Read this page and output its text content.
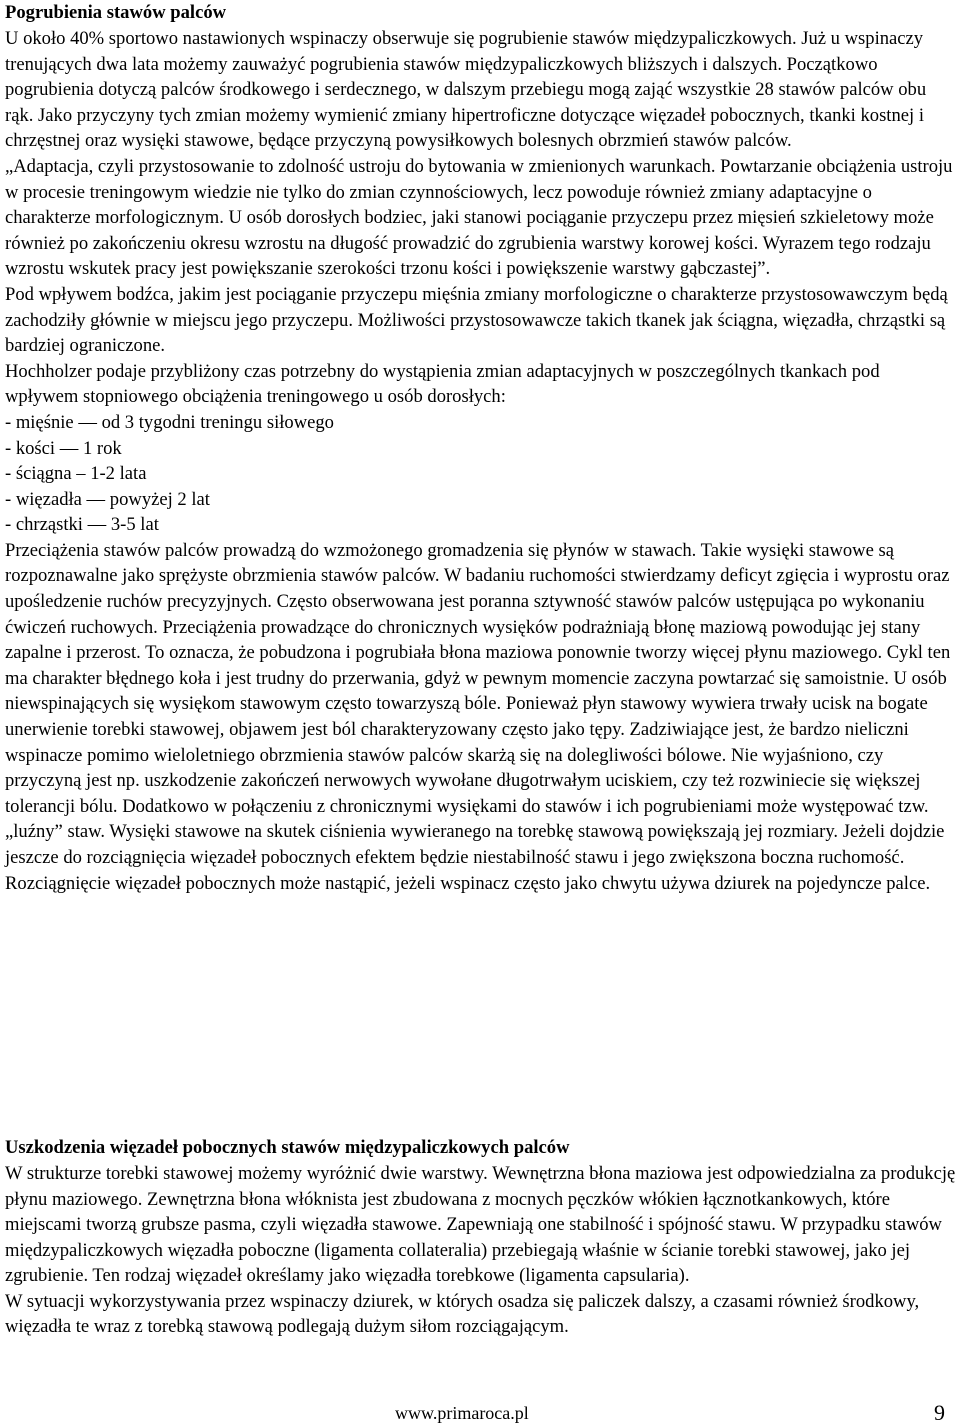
Pogrubienia stawów palców

U około 40% sportowo nastawionych wspinaczy obserwuje się pogrubienie stawów międzypaliczkowych. Już u wspinaczy trenujących dwa lata możemy zauważyć pogrubienia stawów międzypaliczkowych bliższych i dalszych. Początkowo pogrubienia dotyczą palców środkowego i serdecznego, w dalszym przebiegu mogą zająć wszystkie 28 stawów palców obu rąk. Jako przyczyny tych zmian możemy wymienić zmiany hipertroficzne dotyczące więzadeł pobocznych, tkanki kostnej i chrzęstnej oraz wysięki stawowe, będące przyczyną powysiłkowych bolesnych obrzmień stawów palców.

„Adaptacja, czyli przystosowanie to zdolność ustroju do bytowania w zmienionych warunkach. Powtarzanie obciążenia ustroju w procesie treningowym wiedzie nie tylko do zmian czynnościowych, lecz powoduje również zmiany adaptacyjne o charakterze morfologicznym. U osób dorosłych bodziec, jaki stanowi pociąganie przyczepu przez mięsień szkieletowy może również po zakończeniu okresu wzrostu na długość prowadzić do zgrubienia warstwy korowej kości. Wyrazem tego rodzaju wzrostu wskutek pracy jest powiększanie szerokości trzonu kości i powiększenie warstwy gąbczastej”.

Pod wpływem bodźca, jakim jest pociąganie przyczepu mięśnia zmiany morfologiczne o charakterze przystosowawczym będą zachodziły głównie w miejscu jego przyczepu. Możliwości przystosowawcze takich tkanek jak ściągna, więzadła, chrząstki są bardziej ograniczone.

Hochholzer podaje przybliżony czas potrzebny do wystąpienia zmian adaptacyjnych w poszczególnych tkankach pod wpływem stopniowego obciążenia treningowego u osób dorosłych:

- mięśnie — od 3 tygodni treningu siłowego
- kości — 1 rok
- ściągna – 1-2 lata
- więzadła — powyżej 2 lat
- chrząstki — 3-5 lat

Przeciążenia stawów palców prowadzą do wzmożonego gromadzenia się płynów w stawach. Takie wysięki stawowe są rozpoznawalne jako sprężyste obrzmienia stawów palców. W badaniu ruchomości stwierdzamy deficyt zgięcia i wyprostu oraz upośledzenie ruchów precyzyjnych. Często obserwowana jest poranna sztywność stawów palców ustępująca po wykonaniu ćwiczeń ruchowych. Przeciążenia prowadzące do chronicznych wysięków podrażniają błonę maziową powodując jej stany zapalne i przerost. To oznacza, że pobudzona i pogrubiała błona maziowa ponownie tworzy więcej płynu maziowego. Cykl ten ma charakter błędnego koła i jest trudny do przerwania, gdyż w pewnym momencie zaczyna powtarzać się samoistnie. U osób niewspinających się wysiękom stawowym często towarzyszą bóle. Ponieważ płyn stawowy wywiera trwały ucisk na bogate unerwienie torebki stawowej, objawem jest ból charakteryzowany często jako tępy. Zadziwiające jest, że bardzo nieliczni wspinacze pomimo wieloletniego obrzmienia stawów palców skarżą się na dolegliwości bólowe. Nie wyjaśniono, czy przyczyną jest np. uszkodzenie zakończeń nerwowych wywołane długotrwałym uciskiem, czy też rozwiniecie się większej tolerancji bólu. Dodatkowo w połączeniu z chronicznymi wysiękami do stawów i ich pogrubieniami może występować tzw. „luźny” staw. Wysięki stawowe na skutek ciśnienia wywieranego na torebkę stawową powiększają jej rozmiary. Jeżeli dojdzie jeszcze do rozciągnięcia więzadeł pobocznych efektem będzie niestabilność stawu i jego zwiększona boczna ruchomość. Rozciągnięcie więzadeł pobocznych może nastąpić, jeżeli wspinacz często jako chwytu używa dziurek na pojedyncze palce.

Uszkodzenia więzadeł pobocznych stawów międzypaliczkowych palców

W strukturze torebki stawowej możemy wyróżnić dwie warstwy. Wewnętrzna błona maziowa jest odpowiedzialna za produkcję płynu maziowego. Zewnętrzna błona włóknista jest zbudowana z mocnych pęczków włókien łącznotkankowych, które miejscami tworzą grubsze pasma, czyli więzadła stawowe. Zapewniają one stabilność i spójność stawu. W przypadku stawów międzypaliczkowych więzadła poboczne (ligamenta collateralia) przebiegają właśnie w ścianie torebki stawowej, jako jej zgrubienie. Ten rodzaj więzadeł określamy jako więzadła torebkowe (ligamenta capsularia).

W sytuacji wykorzystywania przez wspinaczy dziurek, w których osadza się paliczek dalszy, a czasami również środkowy, więzadła te wraz z torebką stawową podlegają dużym siłom rozciągającym.

www.primaroca.pl	9
